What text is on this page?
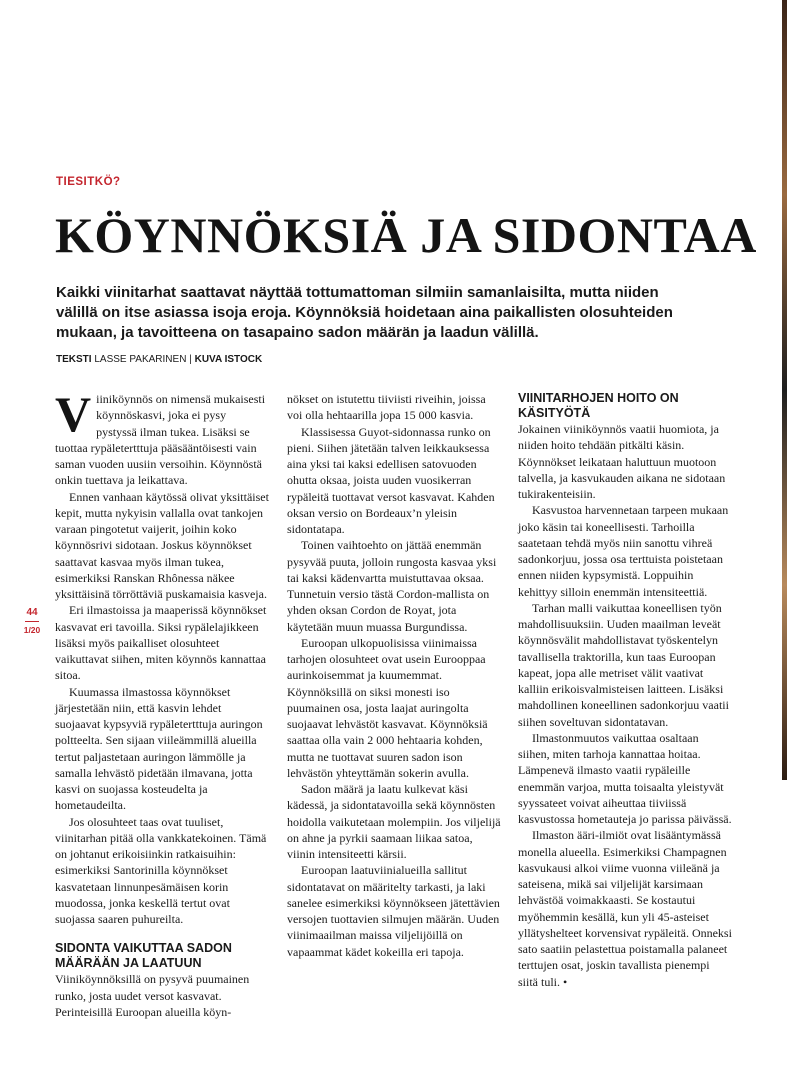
TIESITKÖ?
KÖYNNÖKSIÄ JA SIDONTAA

Kaikki viinitarhat saattavat näyttää tottumattoman silmiin samanlaisilta, mutta niiden välillä on itse asiassa isoja eroja. Köynnöksiä hoidetaan aina paikallisten olosuhteiden mukaan, ja tavoitteena on tasapaino sadon määrän ja laadun välillä.

TEKSTI LASSE PAKARINEN | KUVA ISTOCK
44
1/20

Viiniköynnös on nimensä mukaisesti köynnöskasvi, joka ei pysy pystyssä ilman tukea. Lisäksi se tuottaa rypäletertttuja pääsääntöisesti vain saman vuoden uusiin versoihin. Köynnöstä onkin tuettava ja leikattava.

Ennen vanhaan käytössä olivat yksittäiset kepit, mutta nykyisin vallalla ovat tankojen varaan pingotetut vaijerit, joihin koko köynnösrivi sidotaan. Joskus köynnökset saattavat kasvaa myös ilman tukea, esimerkiksi Ranskan Rhônessa näkee yksittäisinä törröttäviä puskamaisia kasveja.

Eri ilmastoissa ja maaperissä köynnökset kasvavat eri tavoilla. Siksi rypälelajikkeen lisäksi myös paikalliset olosuhteet vaikuttavat siihen, miten köynnös kannattaa sitoa.

Kuumassa ilmastossa köynnökset järjestetään niin, että kasvin lehdet suojaavat kypsyviä rypäletertttuja auringon poltteelta. Sen sijaan viileämmillä alueilla tertut paljastetaan auringon lämmölle ja samalla lehvästö pidetään ilmavana, jotta kasvi on suojassa kosteudelta ja hometaudeilta.

Jos olosuhteet taas ovat tuuliset, viinitarhan pitää olla vankkatekoinen. Tämä on johtanut erikoisiinkin ratkaisuihin: esimerkiksi Santorinilla köynnökset kasvatetaan linnunpesämäisen korin muodossa, jonka keskellä tertut ovat suojassa saaren puhureilta.

SIDONTA VAIKUTTAA SADON MÄÄRÄÄN JA LAATUUN

Viiniköynnöksillä on pysyvä puumainen runko, josta uudet versot kasvavat. Perinteisillä Euroopan alueilla köyn-

nökset on istutettu tiiviisti riveihin, joissa voi olla hehtaarilla jopa 15 000 kasvia.

Klassisessa Guyot-sidonnassa runko on pieni. Siihen jätetään talven leikkauksessa aina yksi tai kaksi edellisen satovuoden ohutta oksaa, joista uuden vuosikerran rypäleitä tuottavat versot kasvavat. Kahden oksan versio on Bordeaux’n yleisin sidontatapa.

Toinen vaihtoehto on jättää enemmän pysyvää puuta, jolloin rungosta kasvaa yksi tai kaksi kädenvartta muistuttavaa oksaa. Tunnetuin versio tästä Cordon-mallista on yhden oksan Cordon de Royat, jota käytetään muun muassa Burgundissa.

Euroopan ulkopuolisissa viinimaissa tarhojen olosuhteet ovat usein Eurooppaa aurinkoisemmat ja kuumemmat. Köynnöksillä on siksi monesti iso puumainen osa, josta laajat auringolta suojaavat lehvästöt kasvavat. Köynnöksiä saattaa olla vain 2 000 hehtaaria kohden, mutta ne tuottavat suuren sadon ison lehvästön yhteyttämän sokerin avulla.

Sadon määrä ja laatu kulkevat käsi kädessä, ja sidontatavoilla sekä köynnösten hoidolla vaikutetaan molempiin. Jos viljelijä on ahne ja pyrkii saamaan liikaa satoa, viinin intensiteetti kärsii.

Euroopan laatuviinialueilla sallitut sidontatavat on määritelty tarkasti, ja laki sanelee esimerkiksi köynnökseen jätettävien versojen tuottavien silmujen määrän. Uuden viinimaailman maissa viljelijöillä on vapaammat kädet kokeilla eri tapoja.

VIINITARHOJEN HOITO ON KÄSITYÖTÄ

Jokainen viiniköynnös vaatii huomiota, ja niiden hoito tehdään pitkälti käsin. Köynnökset leikataan haluttuun muotoon talvella, ja kasvukauden aikana ne sidotaan tukirakenteisiin.

Kasvustoa harvennetaan tarpeen mukaan joko käsin tai koneellisesti. Tarhoilla saatetaan tehdä myös niin sanottu vihreä sadonkorjuu, jossa osa terttuista poistetaan ennen niiden kypsymistä. Loppuihin kehittyy silloin enemmän intensiteettiä.

Tarhan malli vaikuttaa koneellisen työn mahdollisuuksiin. Uuden maailman leveät köynnösvälit mahdollistavat työskentelyn tavallisella traktorilla, kun taas Euroopan kapeat, jopa alle metriset välit vaativat kalliin erikoisvalmisteisen laitteen. Lisäksi mahdollinen koneellinen sadonkorjuu vaatii siihen soveltuvan sidontatavan.

Ilmastonmuutos vaikuttaa osaltaan siihen, miten tarhoja kannattaa hoitaa. Lämpenevä ilmasto vaatii rypäleille enemmän varjoa, mutta toisaalta yleistyvät syyssateet voivat aiheuttaa tiiviissä kasvustossa hometauteja jo parissa päivässä.

Ilmaston ääri-ilmiöt ovat lisääntymässä monella alueella. Esimerkiksi Champagnen kasvukausi alkoi viime vuonna viileänä ja sateisena, mikä sai viljelijät karsimaan lehvästöä voimakkaasti. Se kostautui myöhemmin kesällä, kun yli 45-asteiset yllätyshelteet korvensivat rypäleitä. Onneksi sato saatiin pelastettua poistamalla palaneet terttujen osat, joskin tavallista pienempi siitä tuli. •
